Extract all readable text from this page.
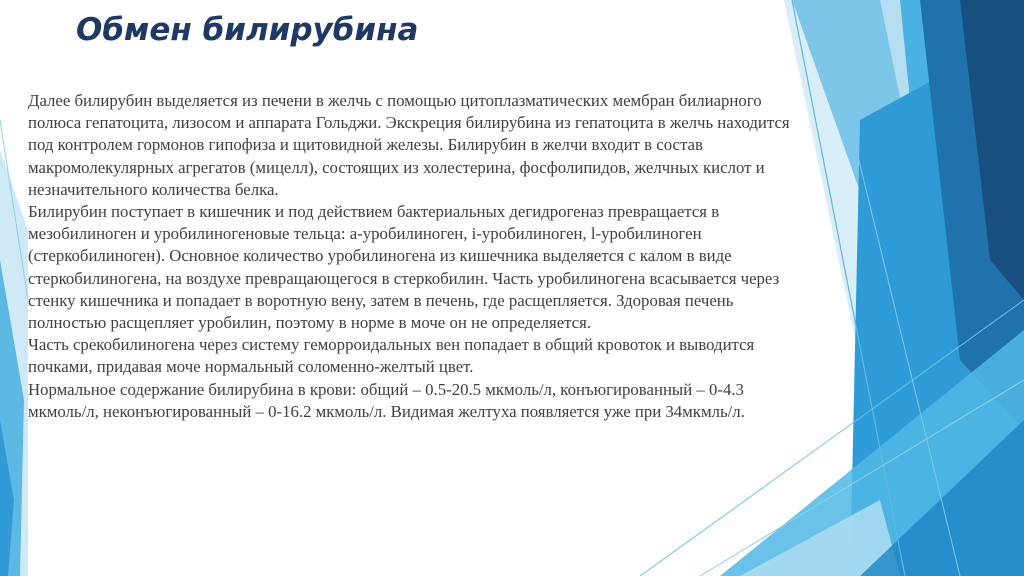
Обмен билирубина

Далее билирубин выделяется из печени в желчь с помощью цитоплазматических мембран билиарного полюса гепатоцита, лизосом и аппарата Гольджи. Экскреция билирубина из гепатоцита в желчь находится под контролем гормонов гипофиза и щитовидной железы. Билирубин в желчи входит в состав макромолекулярных агрегатов (мицелл), состоящих из холестерина, фосфолипидов, желчных кислот и незначительного количества белка.

Билирубин поступает в кишечник и под действием бактериальных дегидрогеназ превращается в мезобилиноген и уробилиногеновые тельца: a-уробилиноген, i-уробилиноген, l-уробилиноген (стеркобилиноген). Основное количество уробилиногена из кишечника выделяется с калом в виде стеркобилиногена, на воздухе превращающегося в стеркобилин. Часть уробилиногена всасывается через стенку кишечника и попадает в воротную вену, затем в печень, где расщепляется. Здоровая печень полностью расщепляет уробилин, поэтому в норме в моче он не определяется.

Часть срекобилиногена через систему геморроидальных вен попадает в общий кровоток и выводится почками, придавая моче нормальный соломенно-желтый цвет.

Нормальное содержание билирубина в крови: общий – 0.5-20.5 мкмоль/л, конъюгированный – 0-4.3 мкмоль/л, неконъюгированный – 0-16.2 мкмоль/л. Видимая желтуха появляется уже при 34мкмль/л.
